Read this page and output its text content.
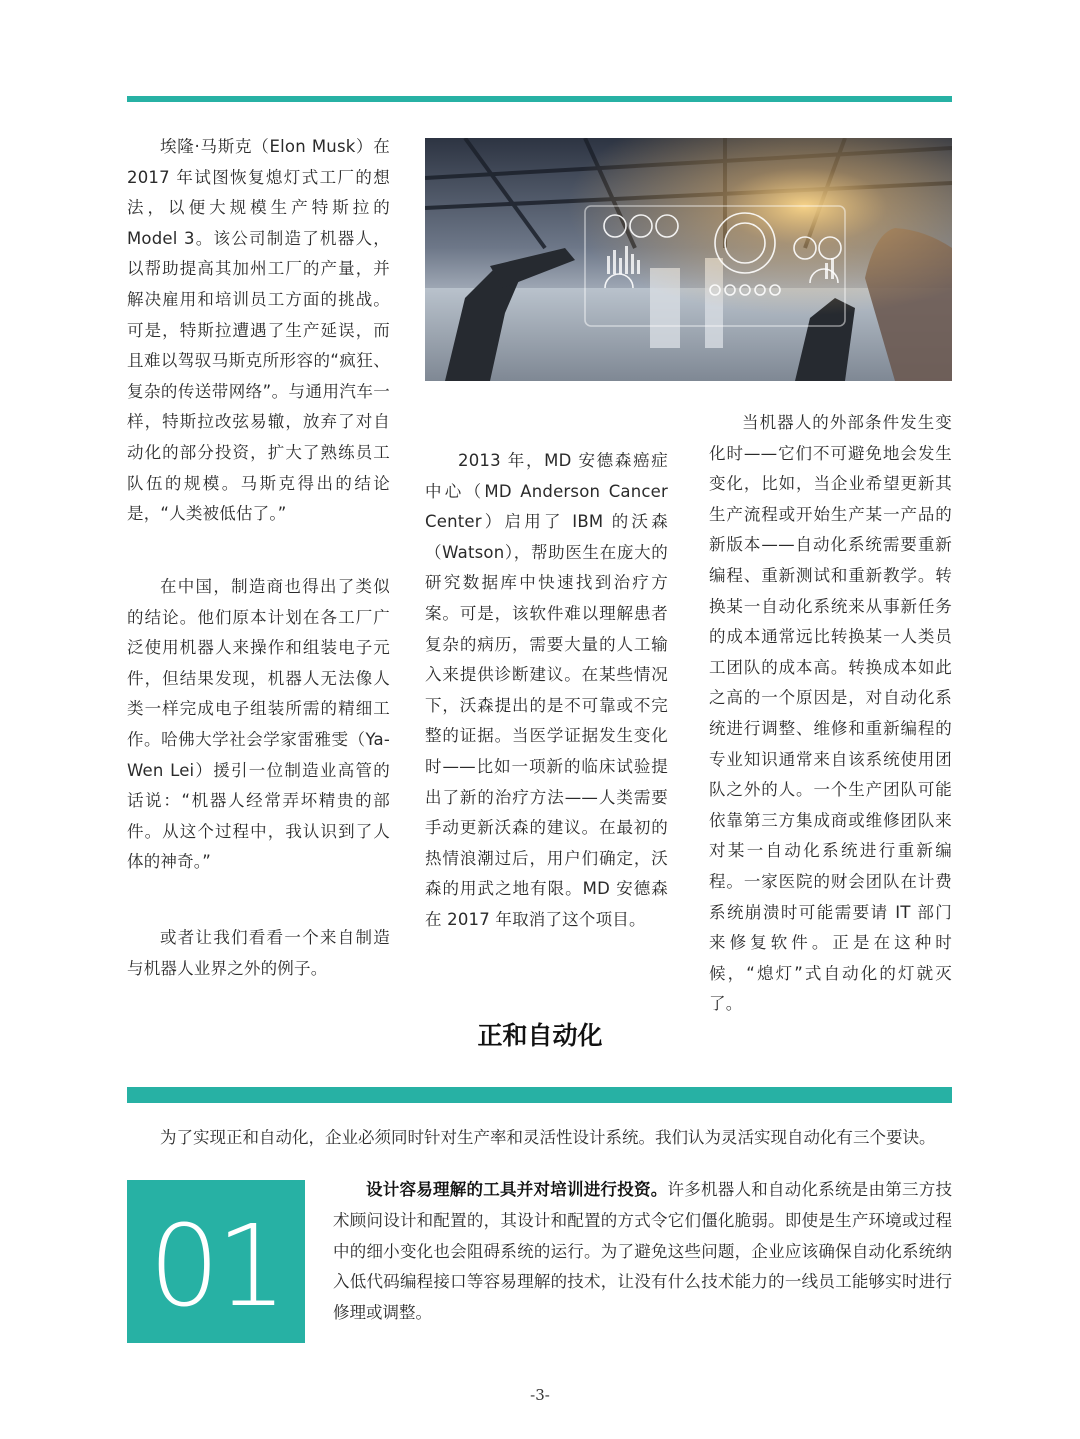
埃隆·马斯克（Elon Musk）在 2017 年试图恢复熄灯式工厂的想法，以便大规模生产特斯拉的 Model 3。该公司制造了机器人，以帮助提高其加州工厂的产量，并解决雇用和培训员工方面的挑战。可是，特斯拉遭遇了生产延误，而且难以驾驭马斯克所形容的“疯狂、复杂的传送带网络”。与通用汽车一样，特斯拉改弦易辙，放弃了对自动化的部分投资，扩大了熟练员工队伍的规模。马斯克得出的结论是，“人类被低估了。”

在中国，制造商也得出了类似的结论。他们原本计划在各工厂广泛使用机器人来操作和组装电子元件，但结果发现，机器人无法像人类一样完成电子组装所需的精细工作。哈佛大学社会学家雷雅雯（Ya-Wen Lei）援引一位制造业高管的话说：“机器人经常弄坏精贵的部件。从这个过程中，我认识到了人体的神奇。”

或者让我们看看一个来自制造与机器人业界之外的例子。

2013 年，MD 安德森癌症中心（MD Anderson Cancer Center）启用了 IBM 的沃森（Watson），帮助医生在庞大的研究数据库中快速找到治疗方案。可是，该软件难以理解患者复杂的病历，需要大量的人工输入来提供诊断建议。在某些情况下，沃森提出的是不可靠或不完整的证据。当医学证据发生变化时——比如一项新的临床试验提出了新的治疗方法——人类需要手动更新沃森的建议。在最初的热情浪潮过后，用户们确定，沃森的用武之地有限。MD 安德森在 2017 年取消了这个项目。

当机器人的外部条件发生变化时——它们不可避免地会发生变化，比如，当企业希望更新其生产流程或开始生产某一产品的新版本——自动化系统需要重新编程、重新测试和重新教学。转换某一自动化系统来从事新任务的成本通常远比转换某一人类员工团队的成本高。转换成本如此之高的一个原因是，对自动化系统进行调整、维修和重新编程的专业知识通常来自该系统使用团队之外的人。一个生产团队可能依靠第三方集成商或维修团队来对某一自动化系统进行重新编程。一家医院的财会团队在计费系统崩溃时可能需要请 IT 部门来修复软件。正是在这种时候，“熄灯”式自动化的灯就灭了。

正和自动化

为了实现正和自动化，企业必须同时针对生产率和灵活性设计系统。我们认为灵活实现自动化有三个要诀。

01

设计容易理解的工具并对培训进行投资。许多机器人和自动化系统是由第三方技术顾问设计和配置的，其设计和配置的方式令它们僵化脆弱。即使是生产环境或过程中的细小变化也会阻碍系统的运行。为了避免这些问题，企业应该确保自动化系统纳入低代码编程接口等容易理解的技术，让没有什么技术能力的一线员工能够实时进行修理或调整。

-3-
